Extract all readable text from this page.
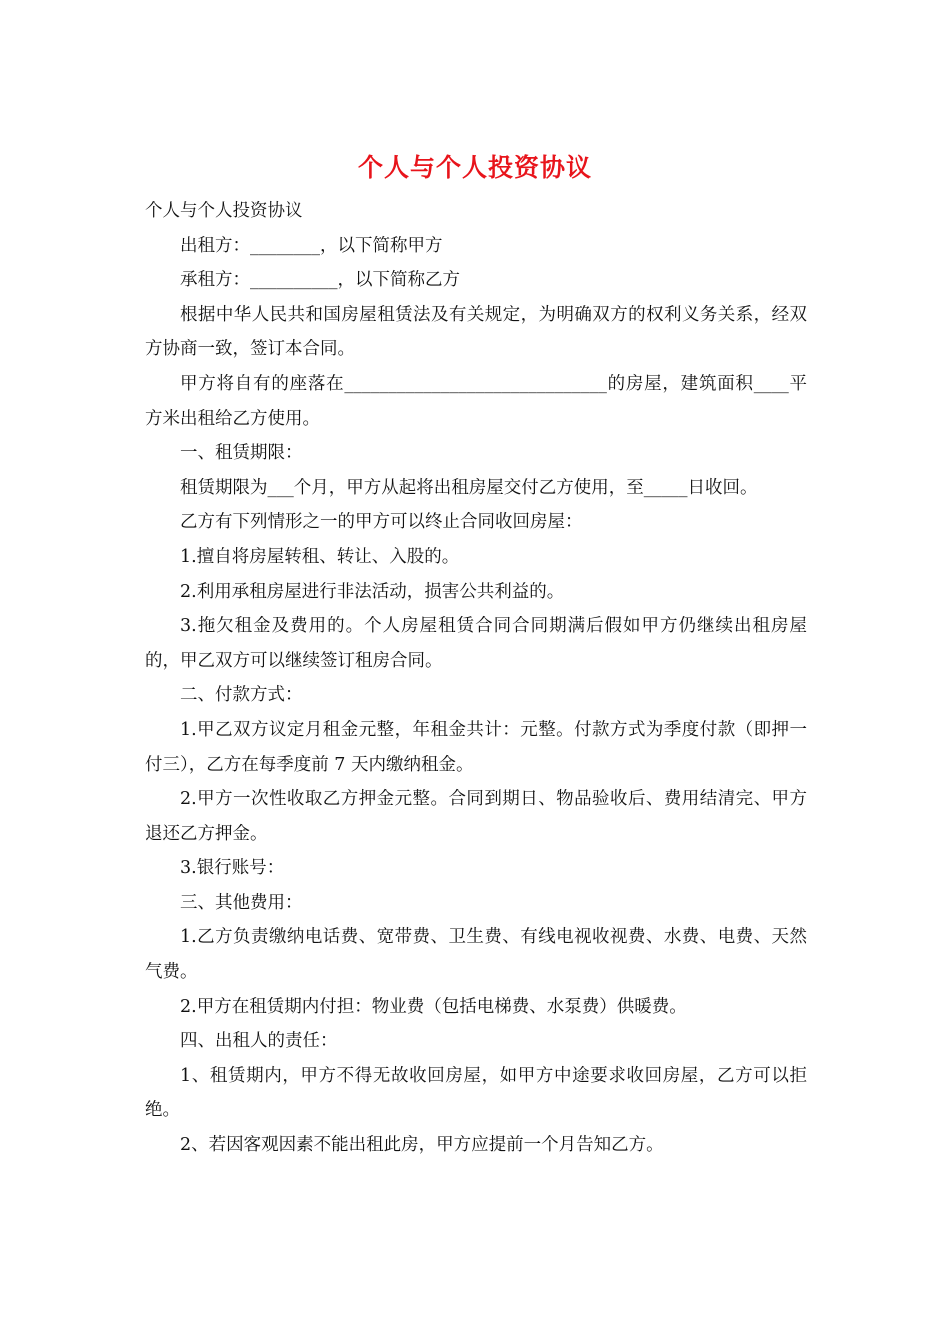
个人与个人投资协议

个人与个人投资协议

出租方：________，以下简称甲方

承租方：__________，以下简称乙方

根据中华人民共和国房屋租赁法及有关规定，为明确双方的权利义务关系，经双方协商一致，签订本合同。

甲方将自有的座落在______________________________的房屋，建筑面积____平方米出租给乙方使用。

一、租赁期限：

租赁期限为___个月，甲方从起将出租房屋交付乙方使用，至_____日收回。

乙方有下列情形之一的甲方可以终止合同收回房屋：

1.擅自将房屋转租、转让、入股的。

2.利用承租房屋进行非法活动，损害公共利益的。

3.拖欠租金及费用的。个人房屋租赁合同合同期满后假如甲方仍继续出租房屋的，甲乙双方可以继续签订租房合同。

二、付款方式：

1.甲乙双方议定月租金元整，年租金共计：元整。付款方式为季度付款（即押一付三），乙方在每季度前 7 天内缴纳租金。

2.甲方一次性收取乙方押金元整。合同到期日、物品验收后、费用结清完、甲方退还乙方押金。

3.银行账号：

三、其他费用：

1.乙方负责缴纳电话费、宽带费、卫生费、有线电视收视费、水费、电费、天然气费。

2.甲方在租赁期内付担：物业费（包括电梯费、水泵费）供暖费。

四、出租人的责任：

1、租赁期内，甲方不得无故收回房屋，如甲方中途要求收回房屋，乙方可以拒绝。

2、若因客观因素不能出租此房，甲方应提前一个月告知乙方。
